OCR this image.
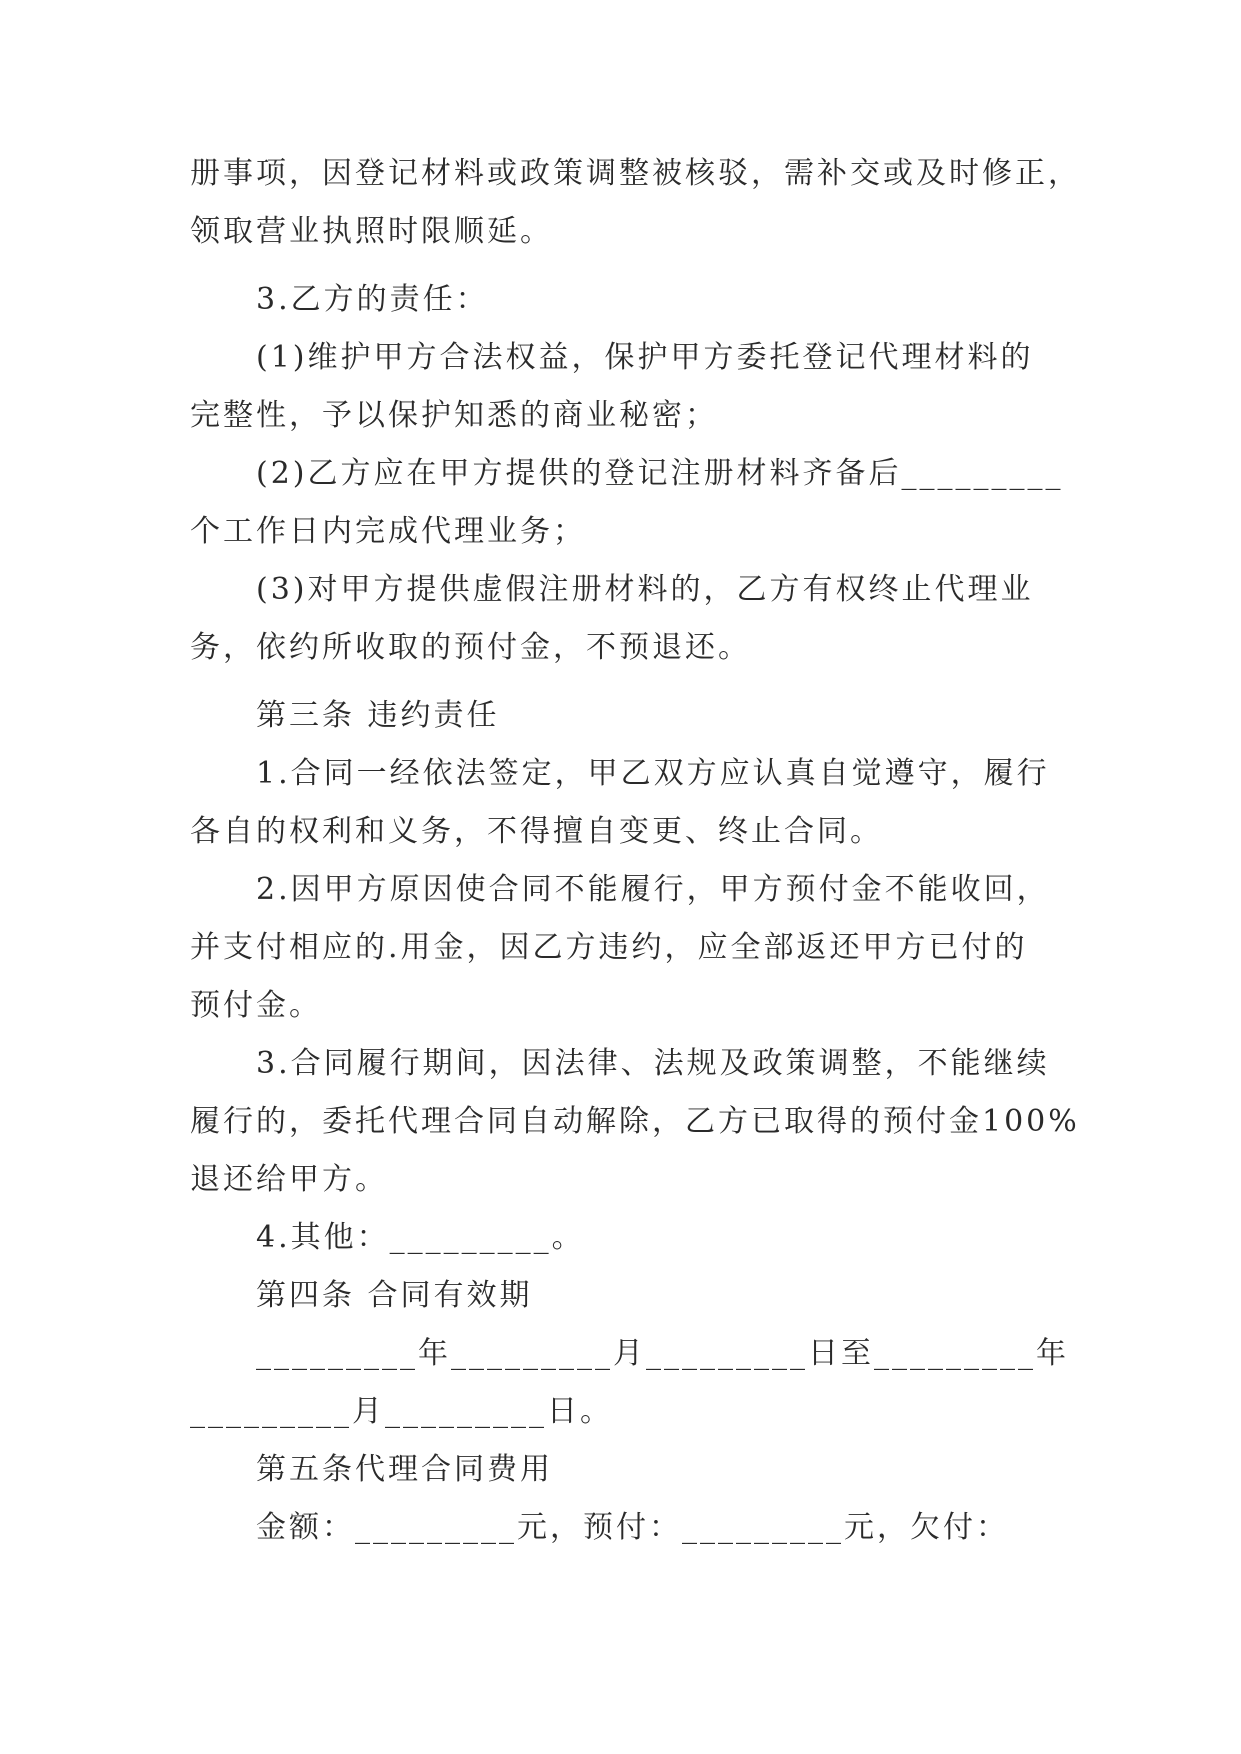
册事项，因登记材料或政策调整被核驳，需补交或及时修正，
领取营业执照时限顺延。
3.乙方的责任：
(1)维护甲方合法权益，保护甲方委托登记代理材料的
完整性，予以保护知悉的商业秘密；
(2)乙方应在甲方提供的登记注册材料齐备后_________
个工作日内完成代理业务；
(3)对甲方提供虚假注册材料的，乙方有权终止代理业
务，依约所收取的预付金，不预退还。
第三条 违约责任
1.合同一经依法签定，甲乙双方应认真自觉遵守，履行
各自的权利和义务，不得擅自变更、终止合同。
2.因甲方原因使合同不能履行，甲方预付金不能收回，
并支付相应的.用金，因乙方违约，应全部返还甲方已付的
预付金。
3.合同履行期间，因法律、法规及政策调整，不能继续
履行的，委托代理合同自动解除，乙方已取得的预付金100%
退还给甲方。
4.其他：_________。
第四条 合同有效期
_________年_________月_________日至_________年
_________月_________日。
第五条代理合同费用
金额：_________元，预付：_________元，欠付：
